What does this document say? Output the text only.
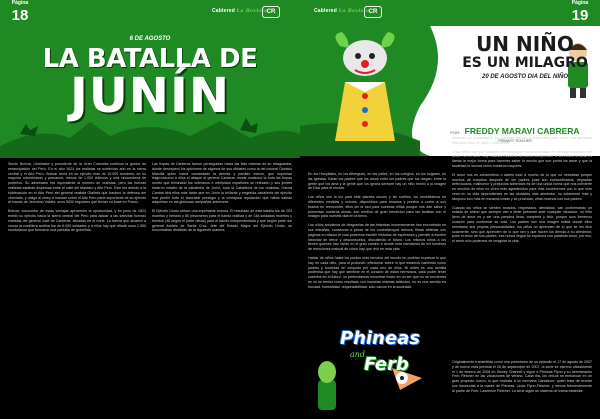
Página
18	Cablered La Revista CR
6 DE AGOSTO
LA BATALLA DE
JUNÍN

Simón Bolívar, Libertador y presidente de la Gran Colombia continuó la guerra de emancipación del Perú. En el año 1824 los realistas se sostenían aún en la sierra central y el Alto Perú. Bolívar tenía en su ejército más de 10.000 hombres, en su mayoría colombianos y peruanos, menos de 1.000 chilenos y una cincuentena de porteños. Su adversario era equivalente al número de realistas, pero las fuerzas realistas estaban dispersas entre el valle del Mantaro y Alto Perú. Este fue debido a la sublevación en el Alto Perú del general realista Olañeta que fracturó la defensa del virreinato, y obligó al virrey a mandar sobre el Alto Perú parte importante de su ejército al mando de Jerónimo Valdés, unos 5000 regulares que tenían su base en Potosí.

Bolívar, conocedor de estas ventajas aprovechó la oportunidad, y en junio de 1824 emitió su ejército hacia la sierra central del Perú para atacar a las selectas fuerzas realistas del general José de Canterac, situadas en el norte. La fuerza que alcanzó a cruzar la cordillera andina fue de 6.000 soldados y a ellos hay que añadir unos 1.500 montoneros que formaron una pantalla de guerrillas.

Las tropas de Canterac fueron perseguidas hasta las filas mismas de su retaguardia, donde desesperó los opiniones de algunos de sus oficiales como la del coronel Dionisio Marcilla quien había comandado la derrota y perdido menos, que suponían tragiconsumo a ellos el ataque al general Canterac donde ocasionó la toda las tropas montó que eliminado los veteranos e intrépidos españoles se retirasen y sus jinetes hicieron estaño de la caballería de Junín, toda la Caballería de los realistas, Garcia Camba dirá ellos más tarde que en Junín la brillante y engreída caballería del ejército real perdió todo el favorable prestigio y la ventajosa reputación que había sabido adquirirse en las gloriosas campañas anteriores.

El Ejército Unido obtuvo una importante victoria. El resultado de esta batalla fue de 254 muertos y heridos y 80 prisioneros para el bando realista y de 148 soldados muertos y heridos (45 según el parte oficial) para el bando independentista y que según parte del general Andrés de Santa Cruz, Jefe del Estado Mayor del Ejército Unido, se encontraban divididas de la siguiente manera.

Cablered La Revista CR
Página
19
UN NIÑO
ES UN MILAGRO
20 DE AGOSTO DIA DEL NIÑO
POR: FREDDY MARAVI CABRERA
PRIMARY TEACHER

En los Hospitales, en los Albergues, en las calles, en los colegios, en los hogares, en las iglesias. Están los padres que los amos entre los padres que los niegan, entre la gente que los ama y la gente que los ignora siempre hay un niño hecho a la imagen de Dios para el mundo.

Los niños son la luz para este planeta oscuro y sin sueños, los necesitamos en diferentes medidas y colores, disponibles para amarlos y prestos a correr a sus brazos en reencontro, ellos sin la sed para nuestras niñas porque nos dan sabor y presentan nuestros almas, son medios de gran bendición para las familias con el milagro para nuestra vida en la tierra.

Los niños anónimos de desgracias de las infancias inocentemente han encontrado en sus entrañas, conservan a pesar de los contratiempos ternura, fibras abiertas con páginas en blanco el cual podemos escribir historias de esperanza y permitir a escribir historias de terror y desconsuelos, discutiendo el futuro. Los mismos niños a los tienen quienes han vivido en el gran camino a donde está intentando de mil hombres de emociones manual de cómo hay que vivir en esta vida.

Hablar de niños hasta los puntos más remotos del mundo no podrían expresar lo que hay en cada niño, para el profundo reflexionar sobre lo que estamos haciendo como padres y sociedad en conjunto por cada uno de ellos. Ni antes es una semilla poderosa que hay que sembrar en el corazón de estos hermosos, para poder tener cosecha en el futuro, no pretendamos encontrar modo en un ser que no se encuentra es no se tenido como resultado con nuestras mismas actitudes, no es una semilla en bondad, honestidad, responsabilidad, solo vacíos en la sociedad.

reformas ya presentadas en nuestras mentes y suficientes para tener una sociedad feliz sana libre de amor y tolerancia.

A los niños hay que hablarles de forma que estos entiendan el mensaje contenido del amor, no en fácil. Hay muchas maneras de como comprender a los niños, lo ideal es llamar la mejor forma para hacerles saber lo mucho que son podrá los amar y que la sociedad la oscura cómo nuestros mayores.

El amor nos es consentirlos o darles todo a mucho de lo que no necesitan porque muchos de nosotros después de ser padres pues son extraordinarios, degradan defectuosos, malhumor y prejuicios adheridos es de una única forma que nos convierte en muchos de ellos no viven más agradecidos para más inconformes con lo que más vean en su vida dependientes en las ciudades más alrededor, no solamente más y tampoco son más en escasos cosas y se provocan, ellas muchos con sus padres.

Cuando los niños se sienten amados, respetados, atendidos, van conformando un estado de ánimo que siempre van a tener presente ante cualquier situación, un niño lleno de amor es y ser una persona llena, completa y feliz, porque tuvo llenemos corazón para conformar su vida. Los padres son una imagen sólida donde ellos orientarse sus propias personalidades, los niños no aprenden de lo que se les dice solamente, sino que aprenden de lo que ven y que hacen los demás a su alrededor, pues el amor de sus padres, ese nunca llegue se equivoca con palabras amor, por eso, el amor sólo podemos de imaginar la vida.

Phineas
and
Ferb	Originalmente transmitida como una preestreno de un episodio el 17 de agosto de 2007 y de nuevo esta prevista el 28 de septiembre de 2007, la serie se estrenó oficialmente el 1 de febrero de 2008 en Disney Channel y sigue a Phineas Flynn y su hermanastro Ferb Fletcher en las vacaciones de verano. Cada día, los chicos se embarcan en un gran proyecto nuevo, lo que molesta a su hermana Candance, quien trata de revelar sus travesuras a la madre de Phineas, Linda Flynn-Fletcher, y menos frecuentemente al padre de Ferb, Lawrence Fletcher. La serie sigue un sistema de trama estándar.
